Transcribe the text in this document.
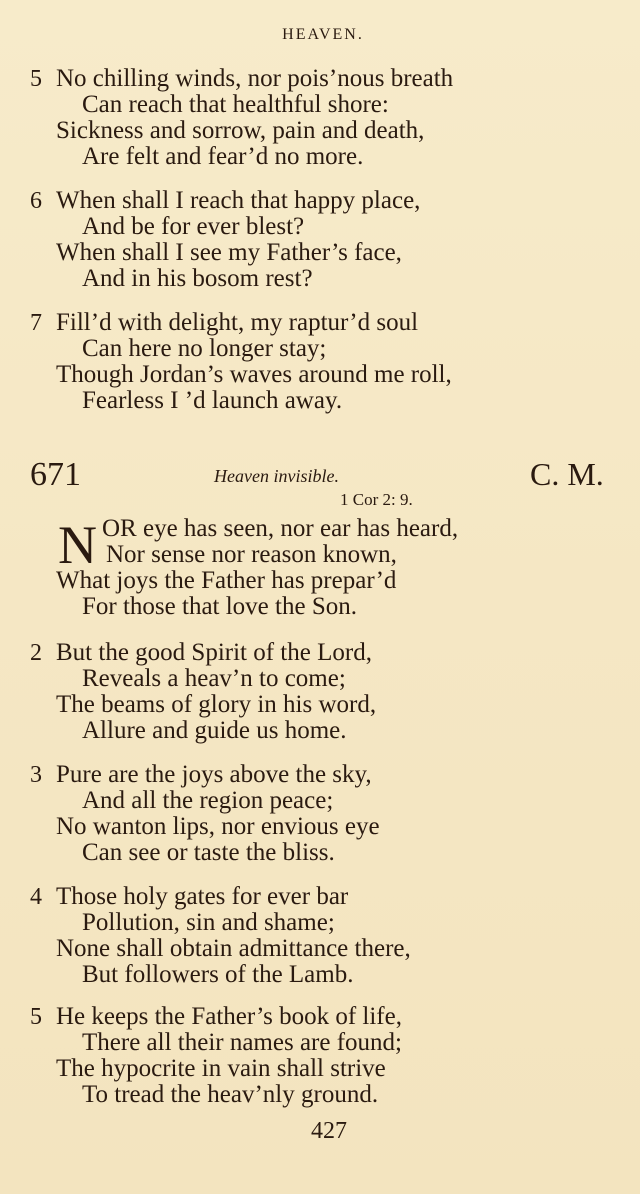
HEAVEN.
5 No chilling winds, nor pois’nous breath
Can reach that healthful shore:
Sickness and sorrow, pain and death,
Are felt and fear’d no more.
6 When shall I reach that happy place,
And be for ever blest?
When shall I see my Father’s face,
And in his bosom rest?
7 Fill’d with delight, my raptur’d soul
Can here no longer stay;
Though Jordan’s waves around me roll,
Fearless I ’d launch away.
671	Heaven invisible.	C. M.
1 Cor 2: 9.
N OR eye has seen, nor ear has heard,
Nor sense nor reason known,
What joys the Father has prepar’d
For those that love the Son.
2 But the good Spirit of the Lord,
Reveals a heav’n to come;
The beams of glory in his word,
Allure and guide us home.
3 Pure are the joys above the sky,
And all the region peace;
No wanton lips, nor envious eye
Can see or taste the bliss.
4 Those holy gates for ever bar
Pollution, sin and shame;
None shall obtain admittance there,
But followers of the Lamb.
5 He keeps the Father’s book of life,
There all their names are found;
The hypocrite in vain shall strive
To tread the heav’nly ground.
427
